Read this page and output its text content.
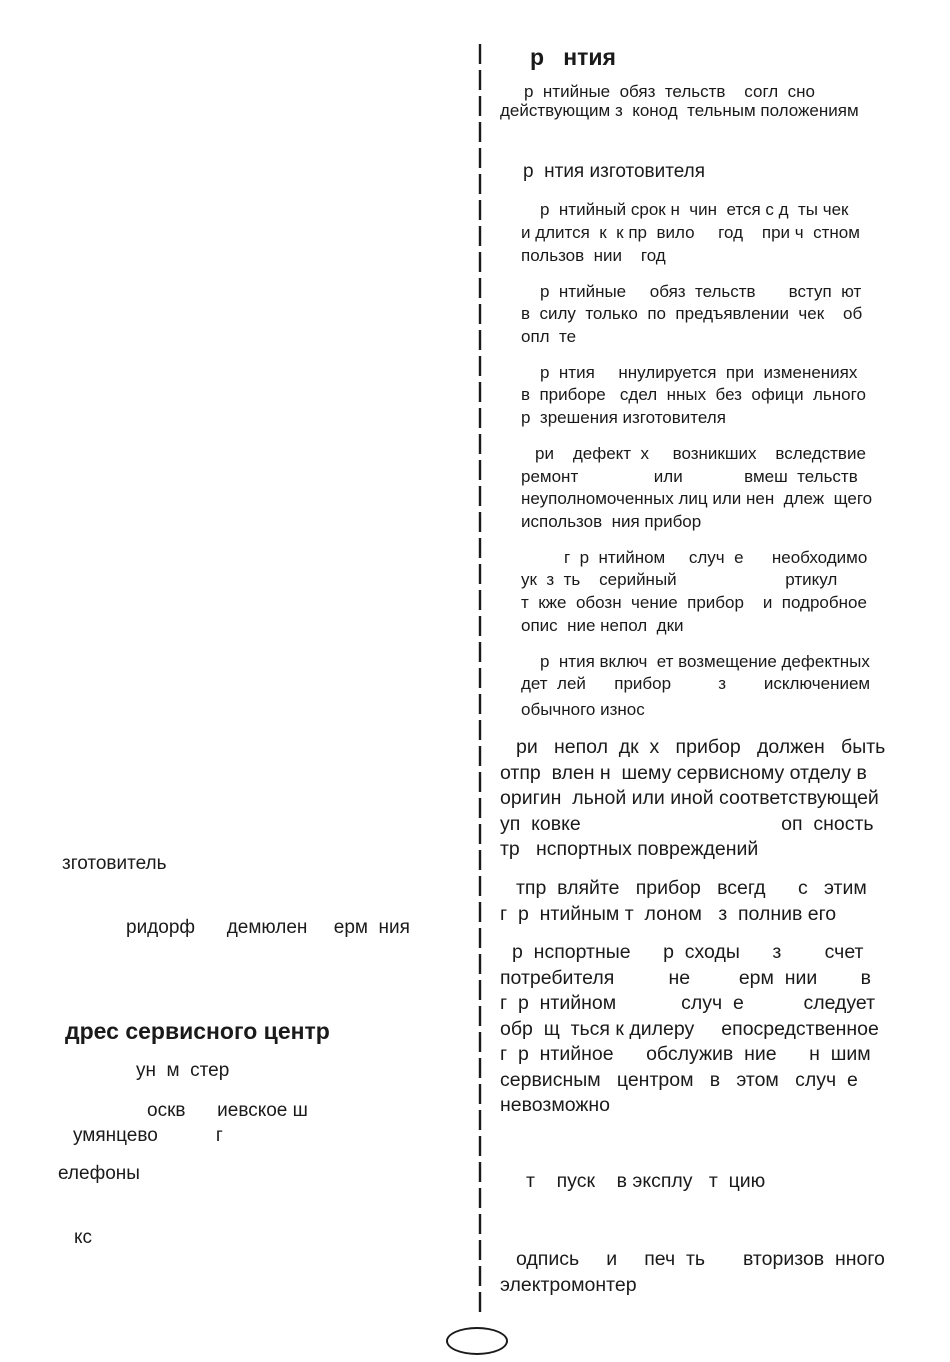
зготовитель
ридорф      демюлен     ерм  ния
дрес сервисного центр
ун  м  стер
оскв      иевское ш
умянцево           г
елефоны
кс
р   нтия
р  нтийные  обяз  тельств    согл  сно
действующим з  конод  тельным положениям
р  нтия изготовителя
р  нтийный срок н  чин  ется с д  ты чек
и длится  к  к пр  вило     год    при ч  стном
пользов  нии    год
р  нтийные     обяз  тельств       вступ  ют
в  силу  только  по  предъявлении  чек    об
опл  те
р  нтия     ннулируется  при  изменениях
в  приборе   сдел  нных  без  офици  льного
р  зрешения изготовителя
ри    дефект  х     возникших    вследствие
ремонт                или             вмеш  тельств
неуполномоченных лиц или нен  длеж  щего
использов  ния прибор
г  р  нтийном     случ  е      необходимо
ук  з  ть    серийный                       ртикул
т  кже  обозн  чение  прибор    и  подробное
опис  ние непол  дки
р  нтия включ  ет возмещение дефектных
дет  лей      прибор          з        исключением
обычного износ
ри   непол  дк  х   прибор   должен   быть
отпр  влен н  шему сервисному отделу в
оригин  льной или иной соответствующей
уп  ковке                                     оп  сность
тр   нспортных повреждений
тпр  вляйте   прибор   всегд      с   этим
г  р  нтийным т  лоном   з  полнив его
р  нспортные      р  сходы      з        счет
потребителя          не         ерм  нии        в
г  р  нтийном            случ  е           следует
обр  щ  ться к дилеру     епосредственное
г  р  нтийное      обслужив  ние      н  шим
сервисным   центром   в   этом   случ  е
невозможно
т    пуск    в эксплу   т  цию
одпись     и     печ  ть       вторизов  нного
электромонтер
